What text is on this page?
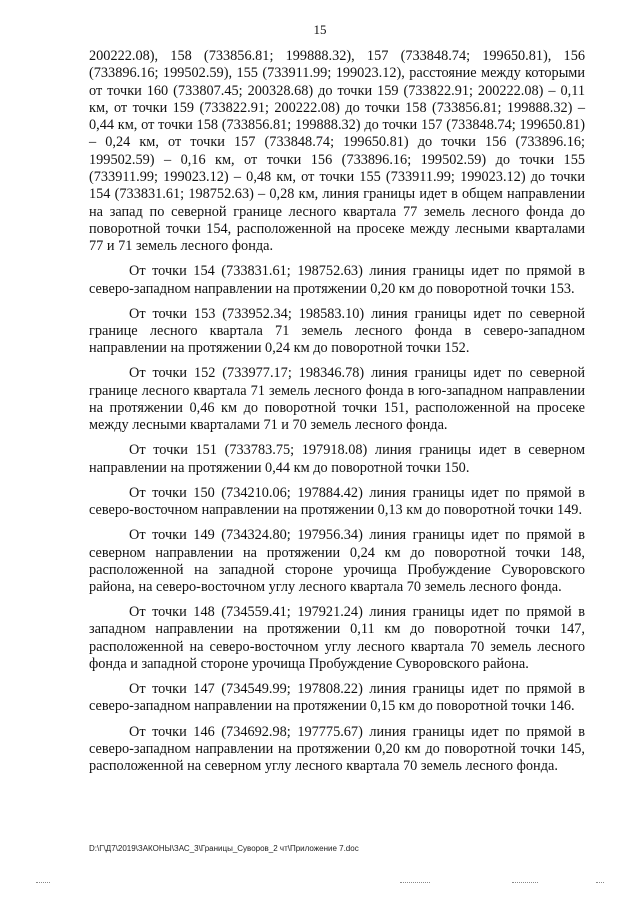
15

200222.08), 158 (733856.81; 199888.32), 157 (733848.74; 199650.81), 156 (733896.16; 199502.59), 155 (733911.99; 199023.12), расстояние между которыми от точки 160 (733807.45; 200328.68) до точки 159 (733822.91; 200222.08) – 0,11 км, от точки 159 (733822.91; 200222.08) до точки 158 (733856.81; 199888.32) – 0,44 км, от точки 158 (733856.81; 199888.32) до точки 157 (733848.74; 199650.81) – 0,24 км, от точки 157 (733848.74; 199650.81) до точки 156 (733896.16; 199502.59) – 0,16 км, от точки 156 (733896.16; 199502.59) до точки 155 (733911.99; 199023.12) – 0,48 км, от точки 155 (733911.99; 199023.12) до точки 154 (733831.61; 198752.63) – 0,28 км, линия границы идет в общем направлении на запад по северной границе лесного квартала 77 земель лесного фонда до поворотной точки 154, расположенной на просеке между лесными кварталами 77 и 71 земель лесного фонда.

От точки 154 (733831.61; 198752.63) линия границы идет по прямой в северо-западном направлении на протяжении 0,20 км до поворотной точки 153.

От точки 153 (733952.34; 198583.10) линия границы идет по северной границе лесного квартала 71 земель лесного фонда в северо-западном направлении на протяжении 0,24 км до поворотной точки 152.

От точки 152 (733977.17; 198346.78) линия границы идет по северной границе лесного квартала 71 земель лесного фонда в юго-западном направлении на протяжении 0,46 км до поворотной точки 151, расположенной на просеке между лесными кварталами 71 и 70 земель лесного фонда.

От точки 151 (733783.75; 197918.08) линия границы идет в северном направлении на протяжении 0,44 км до поворотной точки 150.

От точки 150 (734210.06; 197884.42) линия границы идет по прямой в северо-восточном направлении на протяжении 0,13 км до поворотной точки 149.

От точки 149 (734324.80; 197956.34) линия границы идет по прямой в северном направлении на протяжении 0,24 км до поворотной точки 148, расположенной на западной стороне урочища Пробуждение Суворовского района, на северо-восточном углу лесного квартала 70 земель лесного фонда.

От точки 148 (734559.41; 197921.24) линия границы идет по прямой в западном направлении на протяжении 0,11 км до поворотной точки 147, расположенной на северо-восточном углу лесного квартала 70 земель лесного фонда и западной стороне урочища Пробуждение Суворовского района.

От точки 147 (734549.99; 197808.22) линия границы идет по прямой в северо-западном направлении на протяжении 0,15 км до поворотной точки 146.

От точки 146 (734692.98; 197775.67) линия границы идет по прямой в северо-западном направлении на протяжении 0,20 км до поворотной точки 145, расположенной на северном углу лесного квартала 70 земель лесного фонда.

D:\Г\Д7\2019\ЗАКОНЫ\ЗАС_3\Границы_Суворов_2 чт\Приложение 7.doc
